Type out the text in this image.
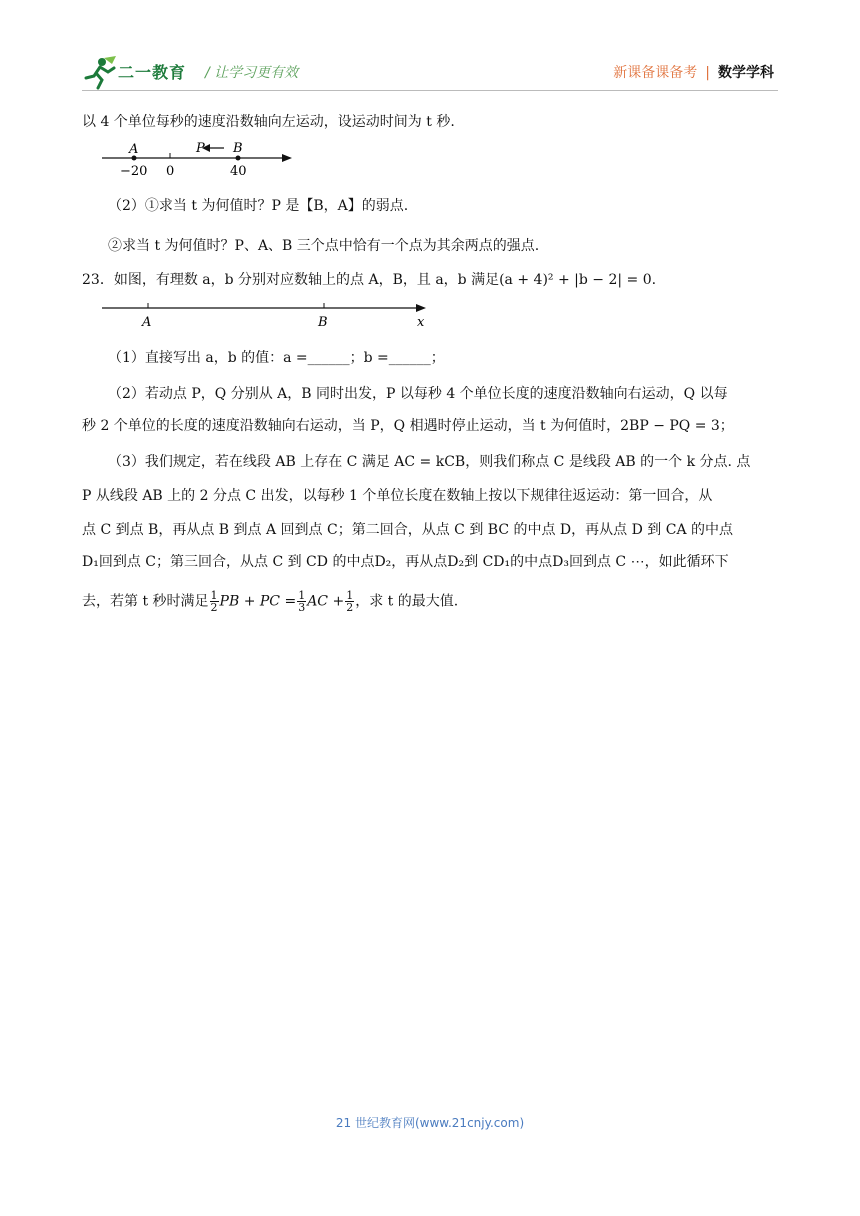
二一教育 / 让学习更有效	新课备课备考 | 数学学科
以 4 个单位每秒的速度沿数轴向左运动，设运动时间为 t 秒.
A	P B
−20 0	40
（2）①求当 t 为何值时？P 是【B，A】的弱点.
②求当 t 为何值时？P、A、B 三个点中恰有一个点为其余两点的强点.
23．如图，有理数 a，b 分别对应数轴上的点 A，B，且 a，b 满足(a + 4)² + |b − 2| = 0.
A	B	x
（1）直接写出 a，b 的值：a =______；b =______；
（2）若动点 P，Q 分别从 A，B 同时出发，P 以每秒 4 个单位长度的速度沿数轴向右运动，Q 以每
秒 2 个单位的长度的速度沿数轴向右运动，当 P，Q 相遇时停止运动，当 t 为何值时，2BP − PQ = 3；
（3）我们规定，若在线段 AB 上存在 C 满足 AC = kCB，则我们称点 C 是线段 AB 的一个 k 分点. 点
P 从线段 AB 上的 2 分点 C 出发，以每秒 1 个单位长度在数轴上按以下规律往返运动：第一回合，从
点 C 到点 B，再从点 B 到点 A 回到点 C；第二回合，从点 C 到 BC 的中点 D，再从点 D 到 CA 的中点
D₁回到点 C；第三回合，从点 C 到 CD 的中点D₂，再从点D₂到 CD₁的中点D₃回到点 C ⋯，如此循环下
去，若第 t 秒时满足 $\frac{1}{2}$ PB + PC = $\frac{1}{3}$ AC + $\frac{1}{2}$ ，求 t 的最大值.
21 世纪教育网(www.21cnjy.com)
